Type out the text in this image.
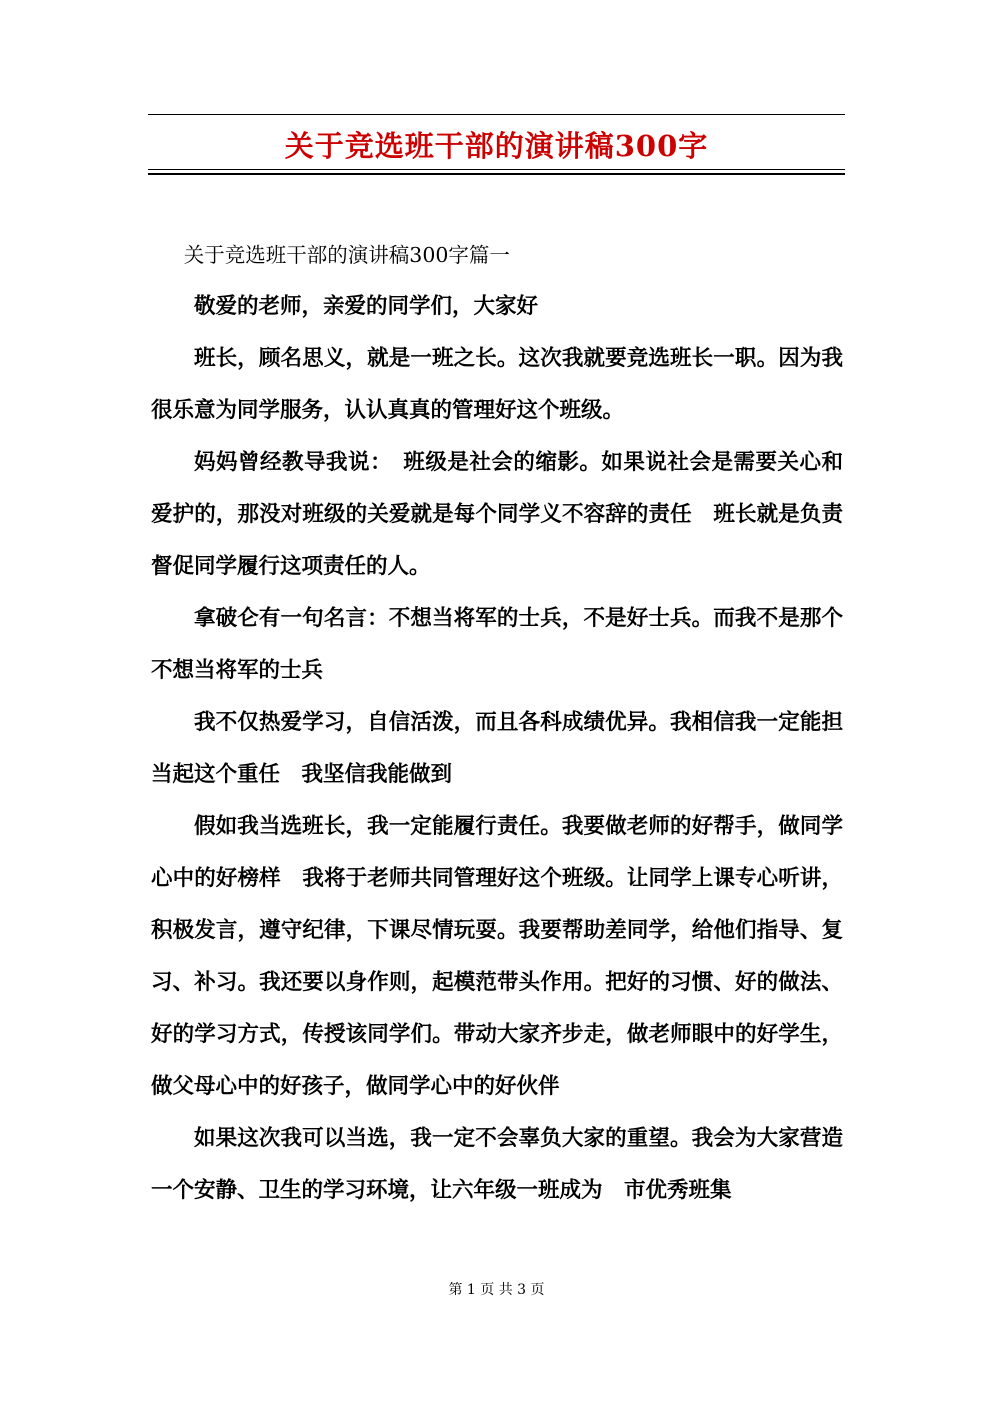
关于竞选班干部的演讲稿300字

关于竞选班干部的演讲稿300字篇一

敬爱的老师，亲爱的同学们，大家好

班长，顾名思义，就是一班之长。这次我就要竞选班长一职。因为我很乐意为同学服务，认认真真的管理好这个班级。

妈妈曾经教导我说：　班级是社会的缩影。如果说社会是需要关心和爱护的，那没对班级的关爱就是每个同学义不容辞的责任　班长就是负责督促同学履行这项责任的人。

拿破仑有一句名言：不想当将军的士兵，不是好士兵。而我不是那个不想当将军的士兵

我不仅热爱学习，自信活泼，而且各科成绩优异。我相信我一定能担当起这个重任　我坚信我能做到

假如我当选班长，我一定能履行责任。我要做老师的好帮手，做同学心中的好榜样　我将于老师共同管理好这个班级。让同学上课专心听讲，积极发言，遵守纪律，下课尽情玩耍。我要帮助差同学，给他们指导、复习、补习。我还要以身作则，起模范带头作用。把好的习惯、好的做法、好的学习方式，传授该同学们。带动大家齐步走，做老师眼中的好学生，做父母心中的好孩子，做同学心中的好伙伴

如果这次我可以当选，我一定不会辜负大家的重望。我会为大家营造一个安静、卫生的学习环境，让六年级一班成为　市优秀班集

第 1 页 共 3 页
